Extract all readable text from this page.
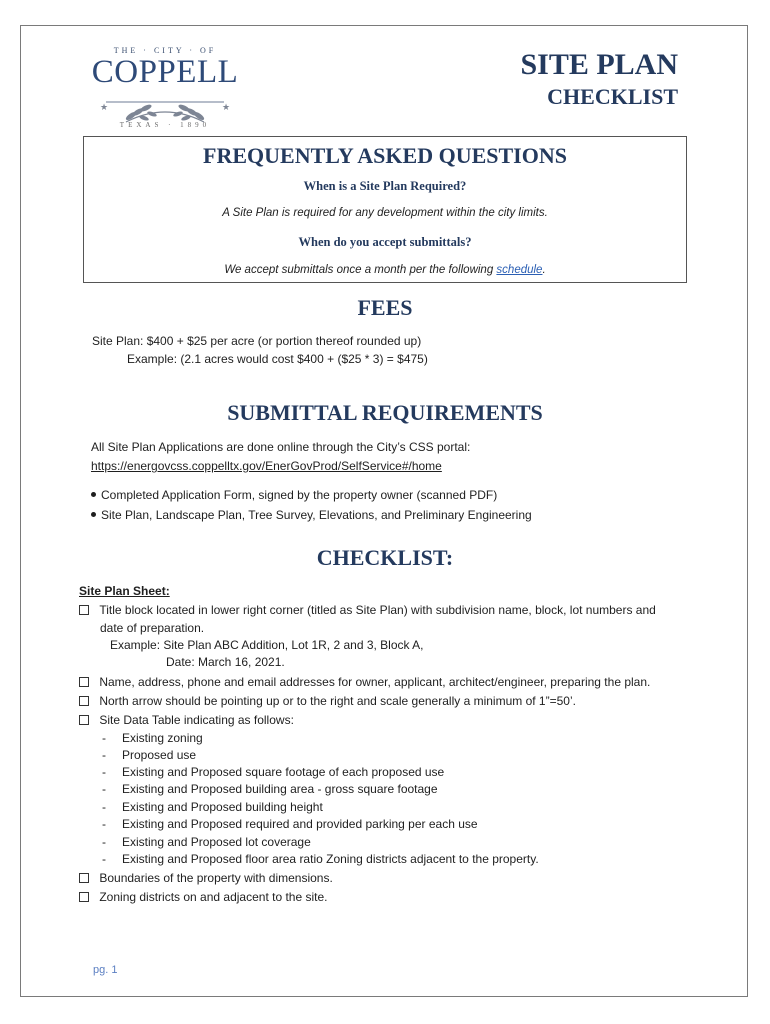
THE · CITY · OF
COPPELL
★	★
TEXAS · 1890
SITE PLAN
CHECKLIST
FREQUENTLY ASKED QUESTIONS
When is a Site Plan Required?
A Site Plan is required for any development within the city limits.
When do you accept submittals?
We accept submittals once a month per the following schedule.
FEES
Site Plan: $400 + $25 per acre (or portion thereof rounded up)
Example: (2.1 acres would cost $400 + ($25 * 3) = $475)
SUBMITTAL REQUIREMENTS
All Site Plan Applications are done online through the City’s CSS portal:
https://energovcss.coppelltx.gov/EnerGovProd/SelfService#/home
Completed Application Form, signed by the property owner (scanned PDF)
Site Plan, Landscape Plan, Tree Survey, Elevations, and Preliminary Engineering
CHECKLIST:
Site Plan Sheet:
Title block located in lower right corner (titled as Site Plan) with subdivision name, block, lot numbers and
date of preparation.
Example: Site Plan ABC Addition, Lot 1R, 2 and 3, Block A,
Date: March 16, 2021.
Name, address, phone and email addresses for owner, applicant, architect/engineer, preparing the plan.
North arrow should be pointing up or to the right and scale generally a minimum of 1”=50’.
Site Data Table indicating as follows:
- Existing zoning
- Proposed use
- Existing and Proposed square footage of each proposed use
- Existing and Proposed building area - gross square footage
- Existing and Proposed building height
- Existing and Proposed required and provided parking per each use
- Existing and Proposed lot coverage
- Existing and Proposed floor area ratio Zoning districts adjacent to the property.
Boundaries of the property with dimensions.
Zoning districts on and adjacent to the site.
pg. 1
